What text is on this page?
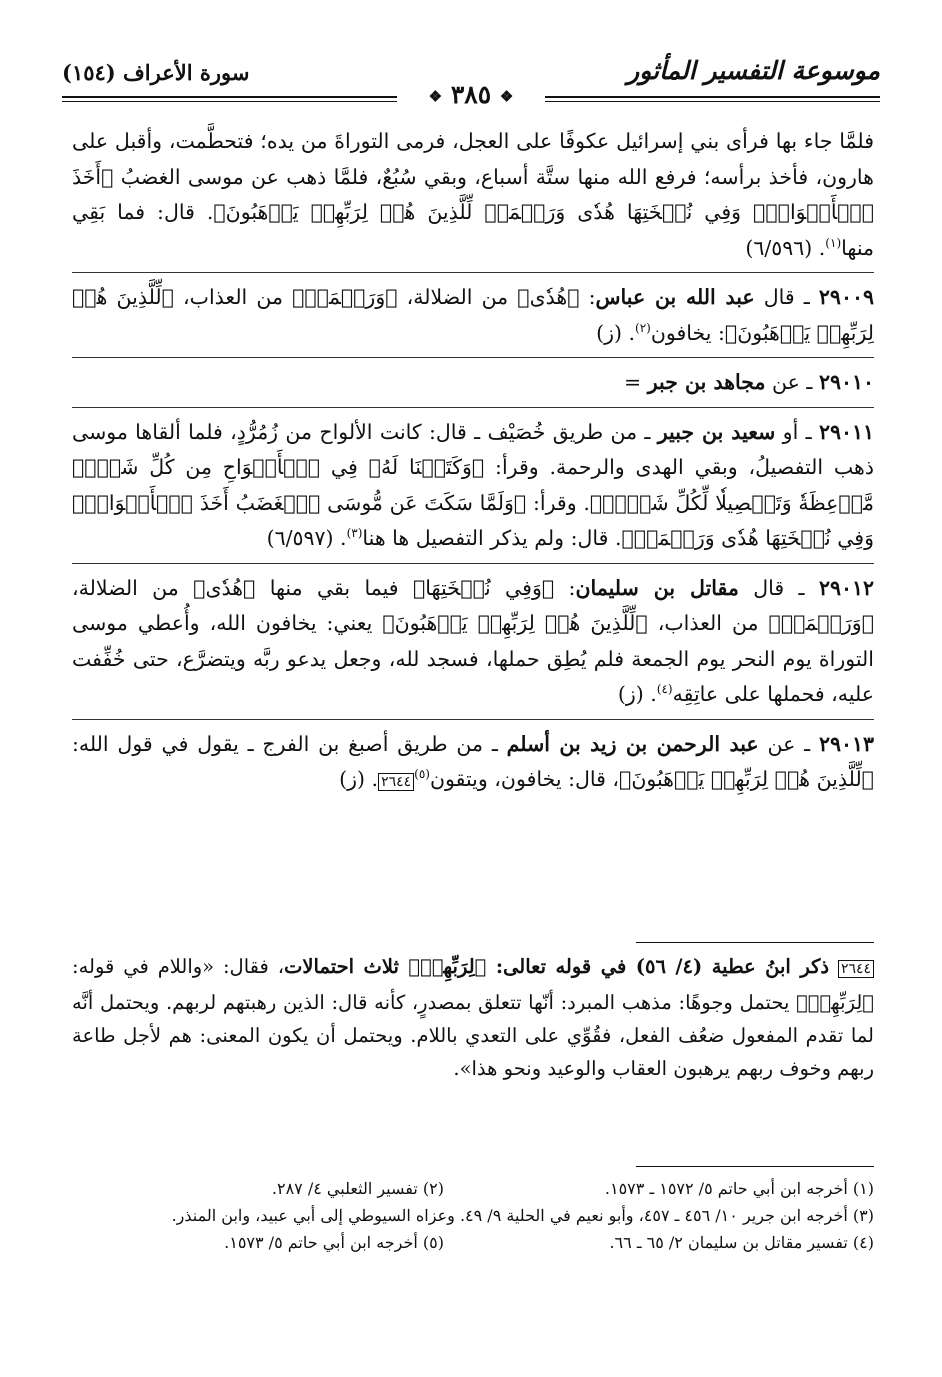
موسوعة التفسير المأثور
سورة الأعراف (١٥٤)
❖ ٣٨٥ ❖

فلمَّا جاء بها فرأى بني إسرائيل عكوفًا على العجل، فرمى التوراةَ من يده؛ فتحطَّمت، وأقبل على هارون، فأخذ برأسه؛ فرفع الله منها ستَّة أسباع، وبقي سُبُعٌ، فلمَّا ذهب عن موسى الغضبُ ﴿أَخَذَ ٱلۡأَلۡوَاحَۖ وَفِي نُسۡخَتِهَا هُدٗى وَرَحۡمَةٞ لِّلَّذِينَ هُمۡ لِرَبِّهِمۡ يَرۡهَبُونَ﴾. قال: فما بَقِي منها$^{(١)}$. (٦/٥٩٦)

٢٩٠٠٩ ـ قال عبد الله بن عباس: ﴿هُدٗى﴾ من الضلالة، ﴿وَرَحۡمَةٞ﴾ من العذاب، ﴿لِّلَّذِينَ هُمۡ لِرَبِّهِمۡ يَرۡهَبُونَ﴾: يخافون$^{(٢)}$. (ز)

٢٩٠١٠ ـ عن مجاهد بن جبر =

٢٩٠١١ ـ أو سعيد بن جبير ـ من طريق خُصَيْف ـ قال: كانت الألواح من زُمُرُّدٍ، فلما ألقاها موسى ذهب التفصيلُ، وبقي الهدى والرحمة. وقرأ: ﴿وَكَتَبۡنَا لَهُۥ فِي ٱلۡأَلۡوَاحِ مِن كُلِّ شَيۡءٖ مَّوۡعِظَةٗ وَتَفۡصِيلٗا لِّكُلِّ شَيۡءٖ﴾. وقرأ: ﴿وَلَمَّا سَكَتَ عَن مُّوسَى ٱلۡغَضَبُ أَخَذَ ٱلۡأَلۡوَاحَۖ وَفِي نُسۡخَتِهَا هُدٗى وَرَحۡمَةٞ﴾. قال: ولم يذكر التفصيل ها هنا$^{(٣)}$. (٦/٥٩٧)

٢٩٠١٢ ـ قال مقاتل بن سليمان: ﴿وَفِي نُسۡخَتِهَا﴾ فيما بقي منها ﴿هُدٗى﴾ من الضلالة، ﴿وَرَحۡمَةٞ﴾ من العذاب، ﴿لِّلَّذِينَ هُمۡ لِرَبِّهِمۡ يَرۡهَبُونَ﴾ يعني: يخافون الله، وأُعطي موسى التوراة يوم النحر يوم الجمعة فلم يُطِق حملها، فسجد لله، وجعل يدعو ربَّه ويتضرَّع، حتى خُفِّفت عليه، فحملها على عاتِقِه$^{(٤)}$. (ز)

٢٩٠١٣ ـ عن عبد الرحمن بن زيد بن أسلم ـ من طريق أصبغ بن الفرج ـ يقول في قول الله: ﴿لِّلَّذِينَ هُمۡ لِرَبِّهِمۡ يَرۡهَبُونَ﴾، قال: يخافون، ويتقون$^{(٥)}$٢٦٤٤. (ز)

٢٦٤٤ ذكر ابنُ عطية (٤/ ٥٦) في قوله تعالى: ﴿لِرَبِّهِمۡ﴾ ثلاث احتمالات، فقال: «واللام في قوله: ﴿لِرَبِّهِمۡ﴾ يحتمل وجوهًا: مذهب المبرد: أنّها تتعلق بمصدرٍ، كأنه قال: الذين رهبتهم لربهم. ويحتمل أنَّه لما تقدم المفعول ضعُف الفعل، فقُوِّي على التعدي باللام. ويحتمل أن يكون المعنى: هم لأجل طاعة ربهم وخوف ربهم يرهبون العقاب والوعيد ونحو هذا».

(١) أخرجه ابن أبي حاتم ٥/ ١٥٧٢ ـ ١٥٧٣.
(٢) تفسير الثعلبي ٤/ ٢٨٧.
(٣) أخرجه ابن جرير ١٠/ ٤٥٦ ـ ٤٥٧، وأبو نعيم في الحلية ٩/ ٤٩. وعزاه السيوطي إلى أبي عبيد، وابن المنذر.
(٤) تفسير مقاتل بن سليمان ٢/ ٦٥ ـ ٦٦.
(٥) أخرجه ابن أبي حاتم ٥/ ١٥٧٣.
